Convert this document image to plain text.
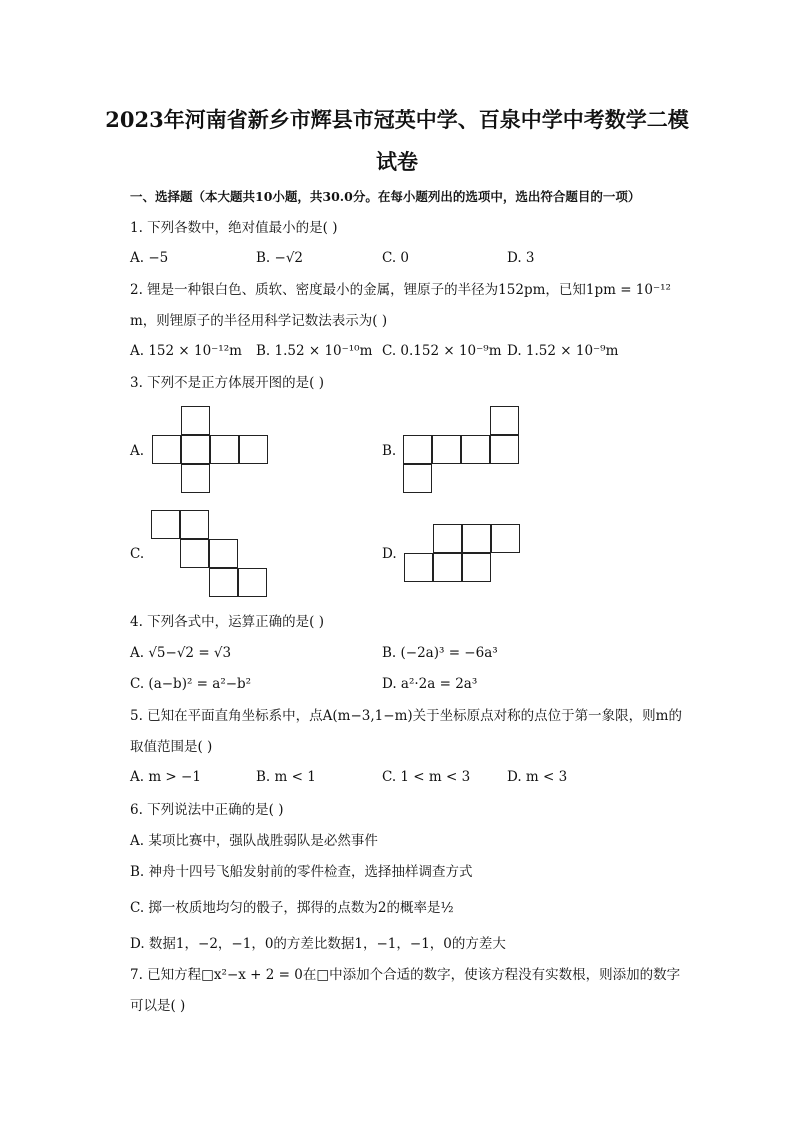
2023年河南省新乡市辉县市冠英中学、百泉中学中考数学二模
试卷
一、选择题（本大题共10小题，共30.0分。在每小题列出的选项中，选出符合题目的一项）
1. 下列各数中，绝对值最小的是( )
A. −5	B. −√2	C. 0	D. 3
2. 锂是一种银白色、质软、密度最小的金属，锂原子的半径为152pm，已知1pm = 10⁻¹²
m，则锂原子的半径用科学记数法表示为( )
A. 152 × 10⁻¹²m B. 1.52 × 10⁻¹⁰m C. 0.152 × 10⁻⁹m D. 1.52 × 10⁻⁹m
3. 下列不是正方体展开图的是( )
A.	B.
C.	D.
4. 下列各式中，运算正确的是( )
A. √5−√2 = √3	B. (−2a)³ = −6a³
C. (a−b)² = a²−b²	D. a²·2a = 2a³
5. 已知在平面直角坐标系中，点A(m−3,1−m)关于坐标原点对称的点位于第一象限，则m的
取值范围是( )
A. m > −1	B. m < 1	C. 1 < m < 3	D. m < 3
6. 下列说法中正确的是( )
A. 某项比赛中，强队战胜弱队是必然事件
B. 神舟十四号飞船发射前的零件检查，选择抽样调查方式
C. 掷一枚质地均匀的骰子，掷得的点数为2的概率是½
D. 数据1，−2，−1，0的方差比数据1，−1，−1，0的方差大
7. 已知方程□x²−x + 2 = 0在□中添加个合适的数字，使该方程没有实数根，则添加的数字
可以是( )
